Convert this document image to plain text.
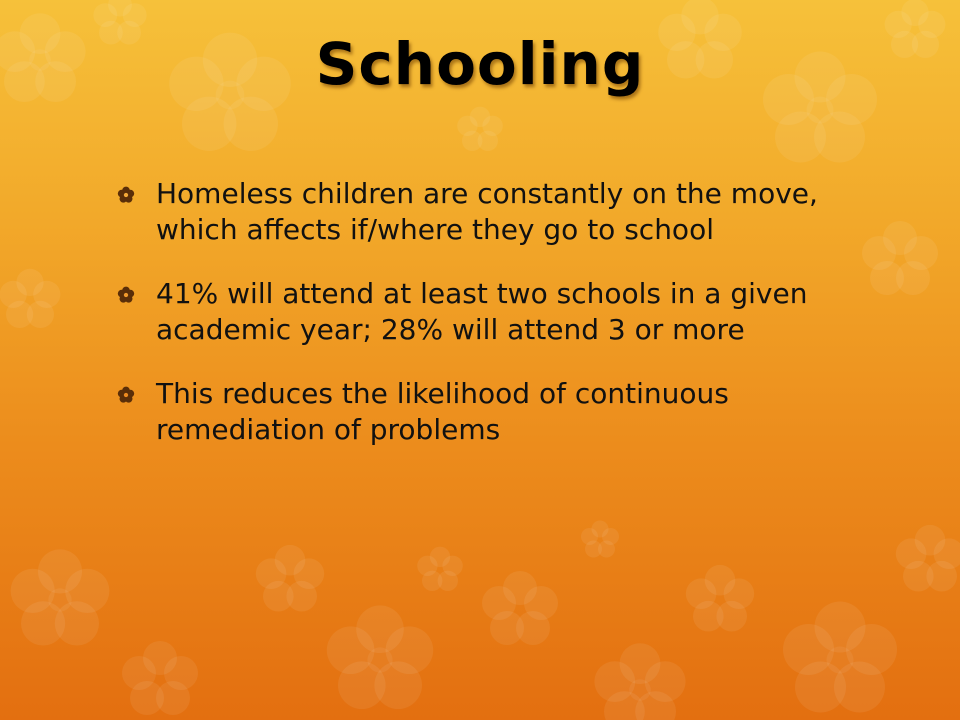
Schooling
Homeless children are constantly on the move, which affects if/where they go to school
41% will attend at least two schools in a given academic year; 28% will attend 3 or more
This reduces the likelihood of continuous remediation of problems
